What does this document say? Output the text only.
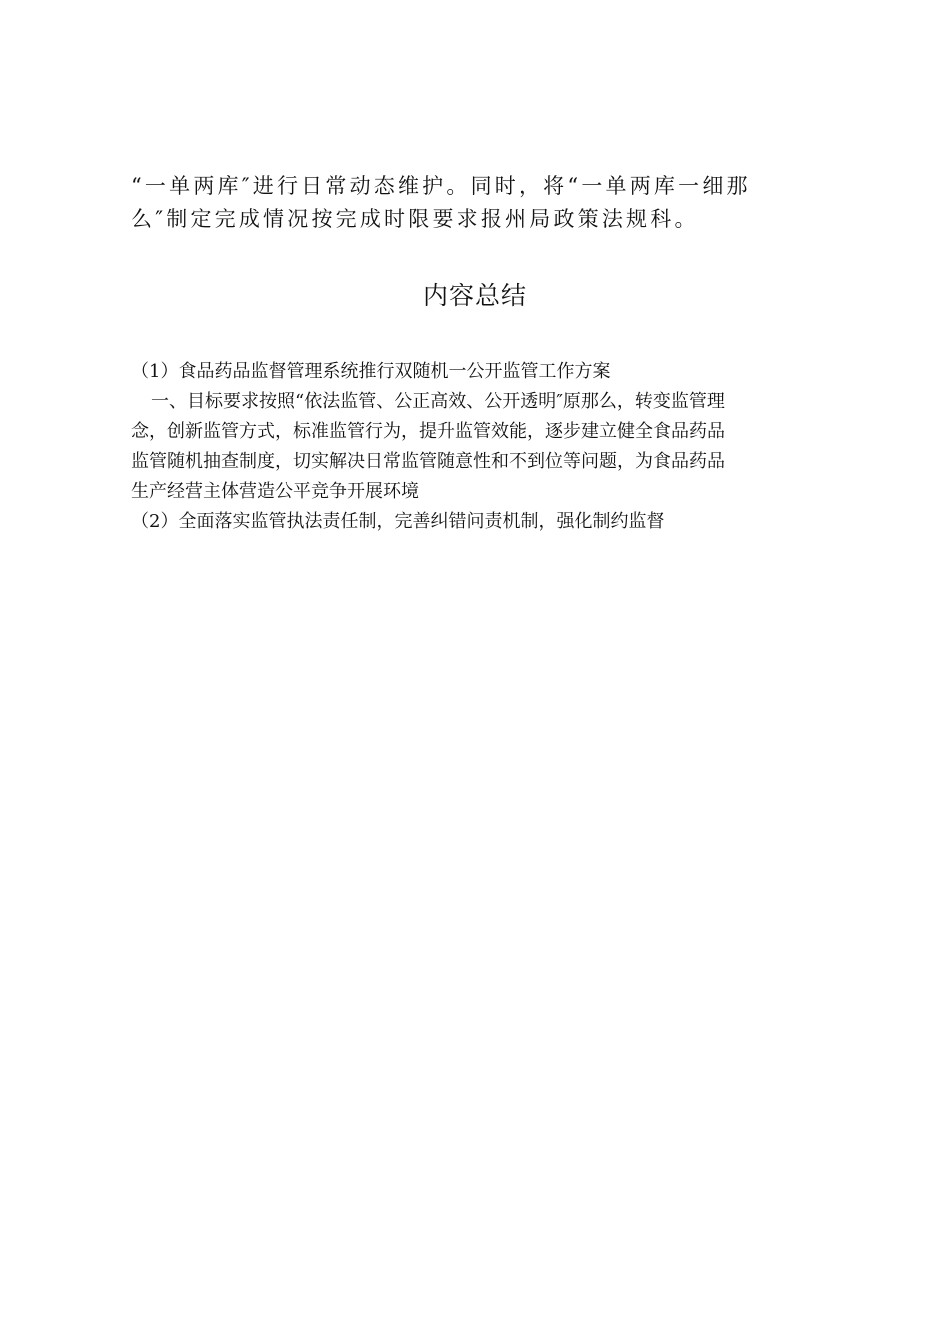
“一单两库″进行日常动态维护。同时，将“一单两库一细那

么″制定完成情况按完成时限要求报州局政策法规科。

内容总结

（1）食品药品监督管理系统推行双随机一公开监管工作方案

一、目标要求按照“依法监管、公正高效、公开透明″原那么，转变监管理

念，创新监管方式，标准监管行为，提升监管效能，逐步建立健全食品药品

监管随机抽查制度，切实解决日常监管随意性和不到位等问题，为食品药品

生产经营主体营造公平竞争开展环境

（2）全面落实监管执法责任制，完善纠错问责机制，强化制约监督
